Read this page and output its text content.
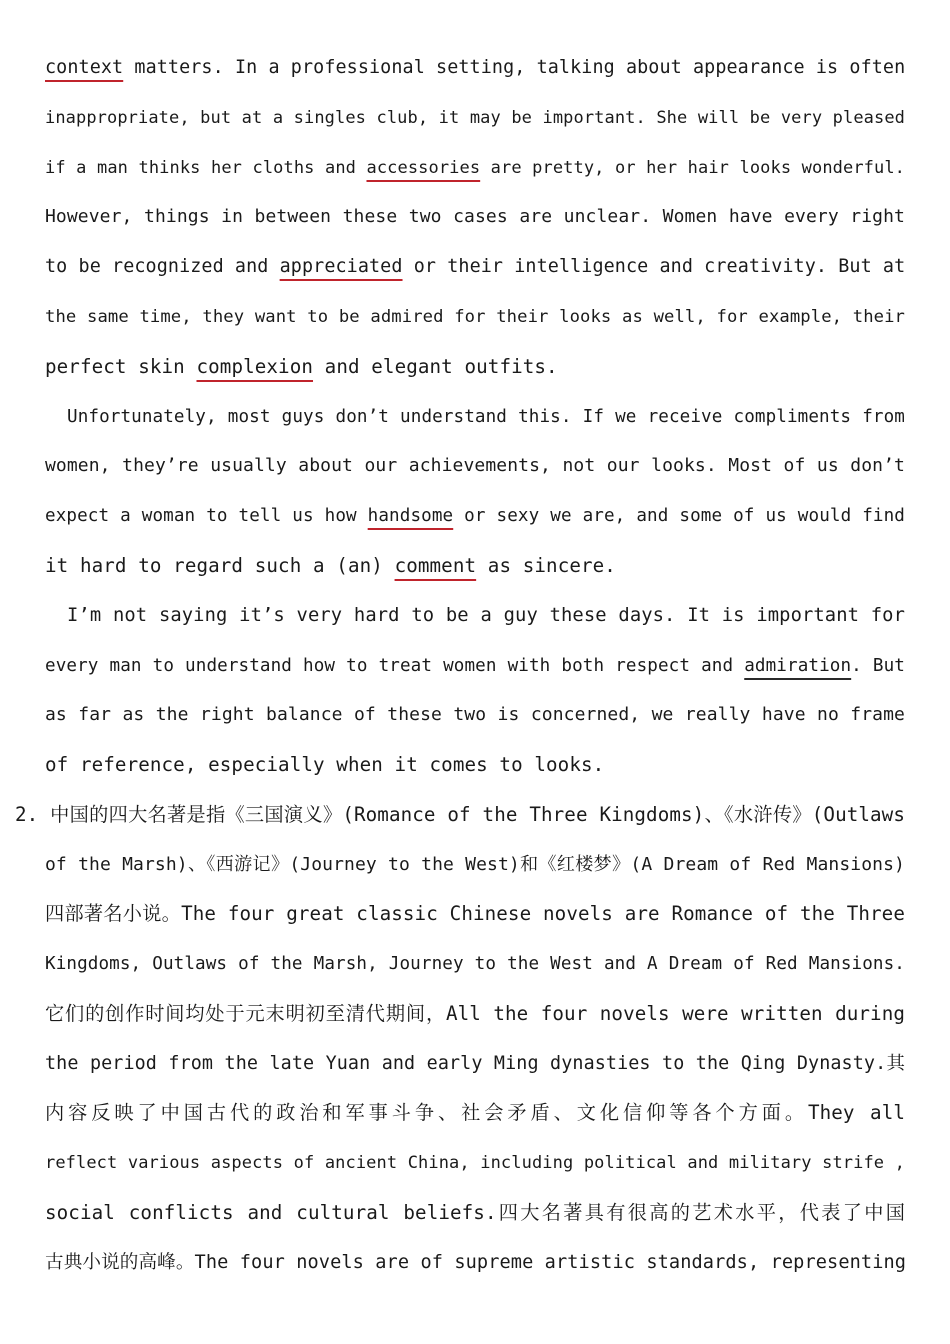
context matters. In a professional setting, talking about appearance is often
inappropriate, but at a singles club, it may be important. She will be very pleased
if a man thinks her cloths and accessories are pretty, or her hair looks wonderful.
However, things in between these two cases are unclear. Women have every right
to be recognized and appreciated or their intelligence and creativity. But at
the same time, they want to be admired for their looks as well, for example, their
perfect skin complexion and elegant outfits.
Unfortunately, most guys don’t understand this. If we receive compliments from
women, they’re usually about our achievements, not our looks. Most of us don’t
expect a woman to tell us how handsome or sexy we are, and some of us would find
it hard to regard such a (an) comment as sincere.
I’m not saying it’s very hard to be a guy these days. It is important for
every man to understand how to treat women with both respect and admiration. But
as far as the right balance of these two is concerned, we really have no frame
of reference, especially when it comes to looks.
2. 中国的四大名著是指《三国演义》(Romance of the Three Kingdoms)、《水浒传》(Outlaws
of the Marsh)、《西游记》(Journey to the West)和《红楼梦》(A Dream of Red Mansions)
四部著名小说。The four great classic Chinese novels are Romance of the Three
Kingdoms, Outlaws of the Marsh, Journey to the West and A Dream of Red Mansions.
它们的创作时间均处于元末明初至清代期间，All the four novels were written during
the period from the late Yuan and early Ming dynasties to the Qing Dynasty.其
内容反映了中国古代的政治和军事斗争、社会矛盾、文化信仰等各个方面。They all
reflect various aspects of ancient China, including political and military strife ,
social conflicts and cultural beliefs.四大名著具有很高的艺术水平，代表了中国
古典小说的高峰。The four novels are of supreme artistic standards, representing
